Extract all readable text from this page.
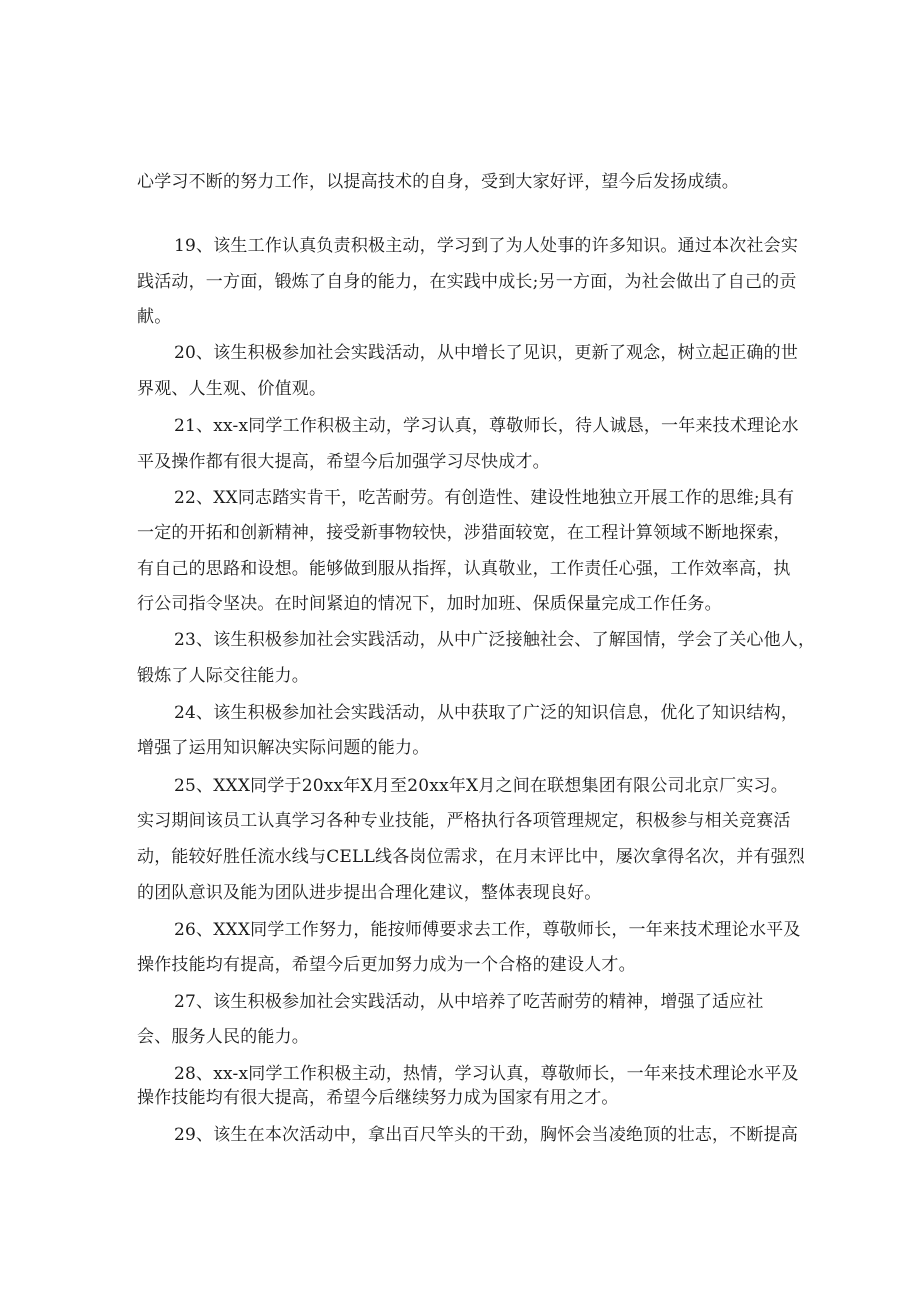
心学习不断的努力工作，以提高技术的自身，受到大家好评，望今后发扬成绩。
19、该生工作认真负责积极主动，学习到了为人处事的许多知识。通过本次社会实
践活动，一方面，锻炼了自身的能力，在实践中成长;另一方面，为社会做出了自己的贡
献。
20、该生积极参加社会实践活动，从中增长了见识，更新了观念，树立起正确的世
界观、人生观、价值观。
21、xx-x同学工作积极主动，学习认真，尊敬师长，待人诚恳，一年来技术理论水
平及操作都有很大提高，希望今后加强学习尽快成才。
22、XX同志踏实肯干，吃苦耐劳。有创造性、建设性地独立开展工作的思维;具有
一定的开拓和创新精神，接受新事物较快，涉猎面较宽，在工程计算领域不断地探索，
有自己的思路和设想。能够做到服从指挥，认真敬业，工作责任心强，工作效率高，执
行公司指令坚决。在时间紧迫的情况下，加时加班、保质保量完成工作任务。
23、该生积极参加社会实践活动，从中广泛接触社会、了解国情，学会了关心他人，
锻炼了人际交往能力。
24、该生积极参加社会实践活动，从中获取了广泛的知识信息，优化了知识结构，
增强了运用知识解决实际问题的能力。
25、XXX同学于20xx年X月至20xx年X月之间在联想集团有限公司北京厂实习。
实习期间该员工认真学习各种专业技能，严格执行各项管理规定，积极参与相关竞赛活
动，能较好胜任流水线与CELL线各岗位需求，在月末评比中，屡次拿得名次，并有强烈
的团队意识及能为团队进步提出合理化建议，整体表现良好。
26、XXX同学工作努力，能按师傅要求去工作，尊敬师长，一年来技术理论水平及
操作技能均有提高，希望今后更加努力成为一个合格的建设人才。
27、该生积极参加社会实践活动，从中培养了吃苦耐劳的精神，增强了适应社
会、服务人民的能力。
28、xx-x同学工作积极主动，热情，学习认真，尊敬师长，一年来技术理论水平及
操作技能均有很大提高，希望今后继续努力成为国家有用之才。
29、该生在本次活动中，拿出百尺竿头的干劲，胸怀会当凌绝顶的壮志，不断提高
